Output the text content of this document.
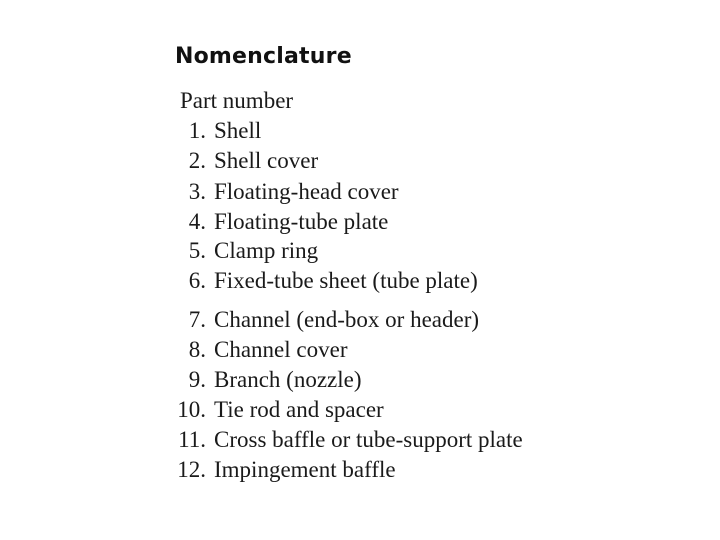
Nomenclature
Part number
1. Shell
2. Shell cover
3. Floating-head cover
4. Floating-tube plate
5. Clamp ring
6. Fixed-tube sheet (tube plate)
7. Channel (end-box or header)
8. Channel cover
9. Branch (nozzle)
10. Tie rod and spacer
11. Cross baffle or tube-support plate
12. Impingement baffle
